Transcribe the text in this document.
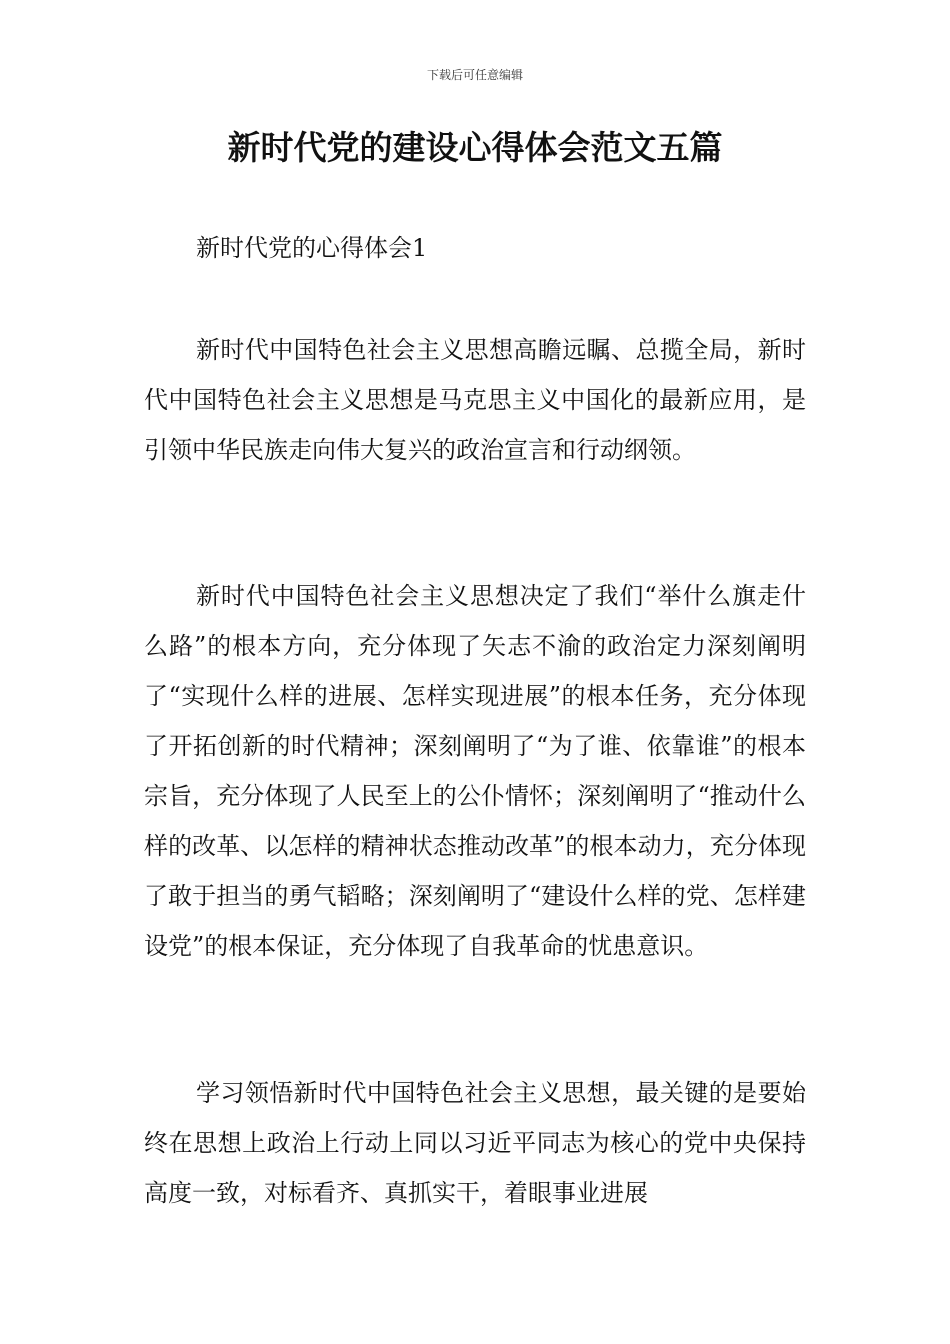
下载后可任意编辑
新时代党的建设心得体会范文五篇
新时代党的心得体会1

新时代中国特色社会主义思想高瞻远瞩、总揽全局，新时代中国特色社会主义思想是马克思主义中国化的最新应用，是引领中华民族走向伟大复兴的政治宣言和行动纲领。

新时代中国特色社会主义思想决定了我们“举什么旗走什么路”的根本方向，充分体现了矢志不渝的政治定力深刻阐明了“实现什么样的进展、怎样实现进展”的根本任务，充分体现了开拓创新的时代精神；深刻阐明了“为了谁、依靠谁”的根本宗旨，充分体现了人民至上的公仆情怀；深刻阐明了“推动什么样的改革、以怎样的精神状态推动改革”的根本动力，充分体现了敢于担当的勇气韬略；深刻阐明了“建设什么样的党、怎样建设党”的根本保证，充分体现了自我革命的忧患意识。

学习领悟新时代中国特色社会主义思想，最关键的是要始终在思想上政治上行动上同以习近平同志为核心的党中央保持高度一致，对标看齐、真抓实干，着眼事业进展
